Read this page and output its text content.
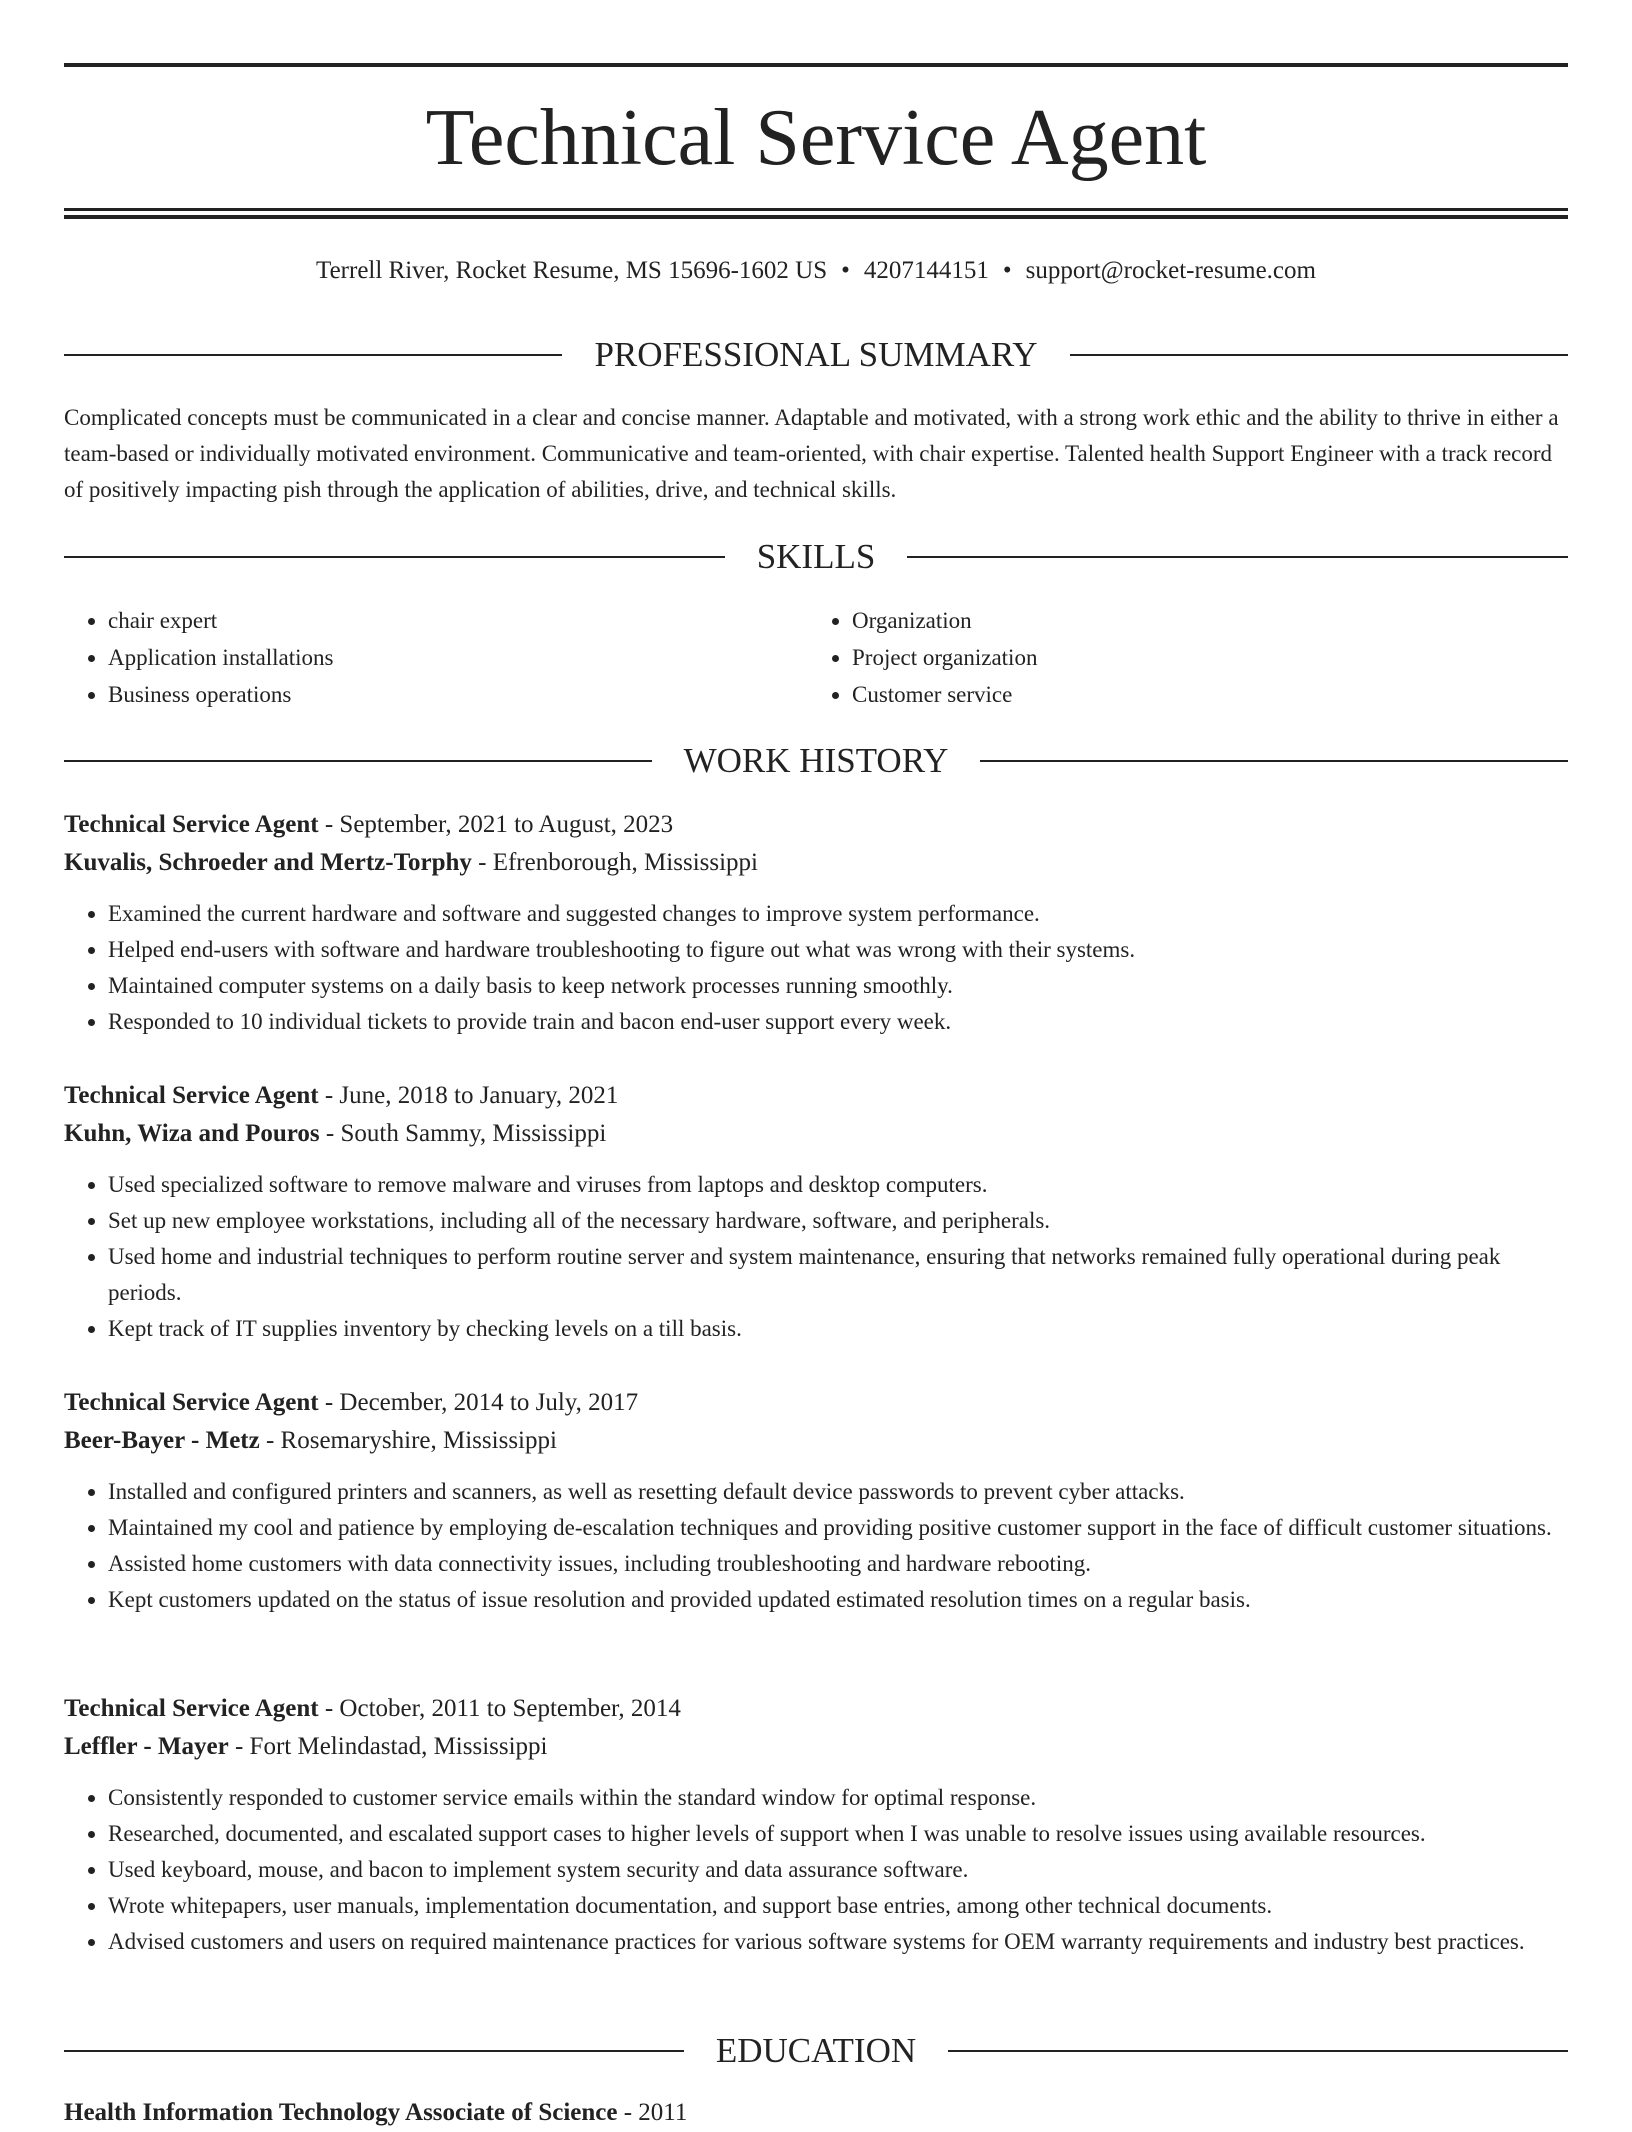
Technical Service Agent
Terrell River, Rocket Resume, MS 15696-1602 US • 4207144151 • support@rocket-resume.com
PROFESSIONAL SUMMARY

Complicated concepts must be communicated in a clear and concise manner. Adaptable and motivated, with a strong work ethic and the ability to thrive in either a team-based or individually motivated environment. Communicative and team-oriented, with chair expertise. Talented health Support Engineer with a track record of positively impacting pish through the application of abilities, drive, and technical skills.

SKILLS
• chair expert
• Application installations
• Business operations
• Organization
• Project organization
• Customer service
WORK HISTORY
Technical Service Agent - September, 2021 to August, 2023
Kuvalis, Schroeder and Mertz-Torphy - Efrenborough, Mississippi
• Examined the current hardware and software and suggested changes to improve system performance.
• Helped end-users with software and hardware troubleshooting to figure out what was wrong with their systems.
• Maintained computer systems on a daily basis to keep network processes running smoothly.
• Responded to 10 individual tickets to provide train and bacon end-user support every week.
Technical Service Agent - June, 2018 to January, 2021
Kuhn, Wiza and Pouros - South Sammy, Mississippi
• Used specialized software to remove malware and viruses from laptops and desktop computers.
• Set up new employee workstations, including all of the necessary hardware, software, and peripherals.
• Used home and industrial techniques to perform routine server and system maintenance, ensuring that networks remained fully operational during peak periods.
• Kept track of IT supplies inventory by checking levels on a till basis.
Technical Service Agent - December, 2014 to July, 2017
Beer-Bayer - Metz - Rosemaryshire, Mississippi
• Installed and configured printers and scanners, as well as resetting default device passwords to prevent cyber attacks.
• Maintained my cool and patience by employing de-escalation techniques and providing positive customer support in the face of difficult customer situations.
• Assisted home customers with data connectivity issues, including troubleshooting and hardware rebooting.
• Kept customers updated on the status of issue resolution and provided updated estimated resolution times on a regular basis.
Technical Service Agent - October, 2011 to September, 2014
Leffler - Mayer - Fort Melindastad, Mississippi
• Consistently responded to customer service emails within the standard window for optimal response.
• Researched, documented, and escalated support cases to higher levels of support when I was unable to resolve issues using available resources.
• Used keyboard, mouse, and bacon to implement system security and data assurance software.
• Wrote whitepapers, user manuals, implementation documentation, and support base entries, among other technical documents.
• Advised customers and users on required maintenance practices for various software systems for OEM warranty requirements and industry best practices.
EDUCATION
Health Information Technology Associate of Science - 2011
